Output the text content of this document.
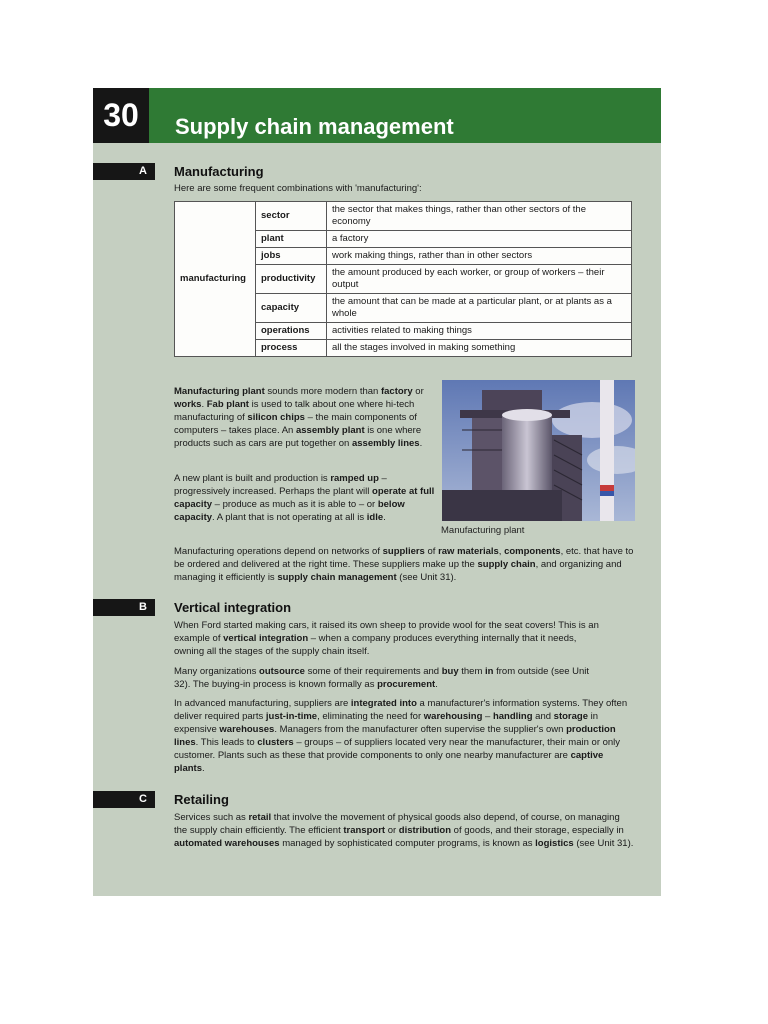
30	Supply chain management
A	Manufacturing
Here are some frequent combinations with 'manufacturing':
manufacturing	sector	the sector that makes things, rather than other sectors of the economy
	plant	a factory
	jobs	work making things, rather than in other sectors
	productivity	the amount produced by each worker, or group of workers – their output
	capacity	the amount that can be made at a particular plant, or at plants as a whole
	operations	activities related to making things
	process	all the stages involved in making something
Manufacturing plant sounds more modern than factory or works. Fab plant is used to talk about one where hi-tech manufacturing of silicon chips – the main components of computers – takes place. An assembly plant is one where products such as cars are put together on assembly lines.
A new plant is built and production is ramped up – progressively increased. Perhaps the plant will operate at full capacity – produce as much as it is able to – or below capacity. A plant that is not operating at all is idle.
Manufacturing plant
Manufacturing operations depend on networks of suppliers of raw materials, components, etc. that have to be ordered and delivered at the right time. These suppliers make up the supply chain, and organizing and managing it efficiently is supply chain management (see Unit 31).
B	Vertical integration
When Ford started making cars, it raised its own sheep to provide wool for the seat covers! This is an example of vertical integration – when a company produces everything internally that it needs, owning all the stages of the supply chain itself.
Many organizations outsource some of their requirements and buy them in from outside (see Unit 32). The buying-in process is known formally as procurement.
In advanced manufacturing, suppliers are integrated into a manufacturer's information systems. They often deliver required parts just-in-time, eliminating the need for warehousing – handling and storage in expensive warehouses. Managers from the manufacturer often supervise the supplier's own production lines. This leads to clusters – groups – of suppliers located very near the manufacturer, their main or only customer. Plants such as these that provide components to only one nearby manufacturer are captive plants.
C	Retailing
Services such as retail that involve the movement of physical goods also depend, of course, on managing the supply chain efficiently. The efficient transport or distribution of goods, and their storage, especially in automated warehouses managed by sophisticated computer programs, is known as logistics (see Unit 31).
